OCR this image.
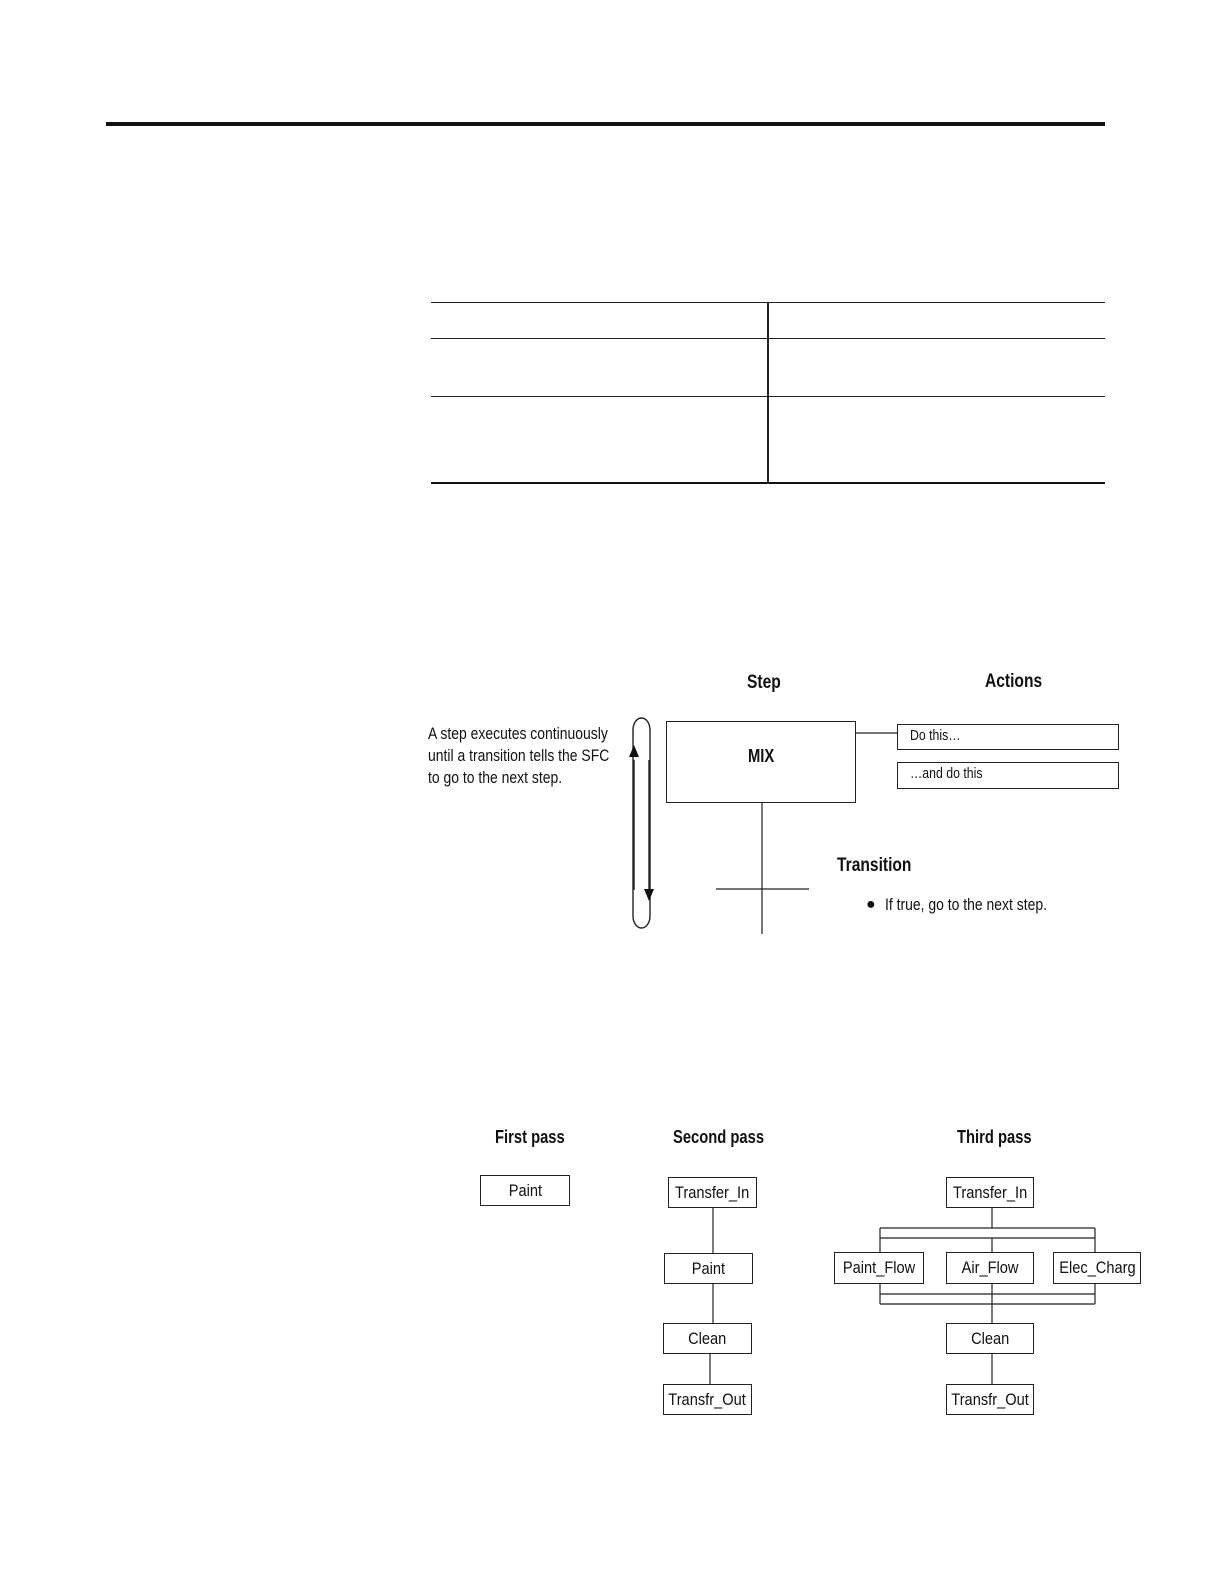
Step	Actions
A step executes continuously
until a transition tells the SFC
to go to the next step.
MIX
Do this…
…and do this
Transition
● If true, go to the next step.
First pass	Second pass	Third pass
Paint	Transfer_In
Paint
Clean
Transfr_Out
Transfer_In
Paint_Flow	Air_Flow Elec_Charg
Clean
Transfr_Out
